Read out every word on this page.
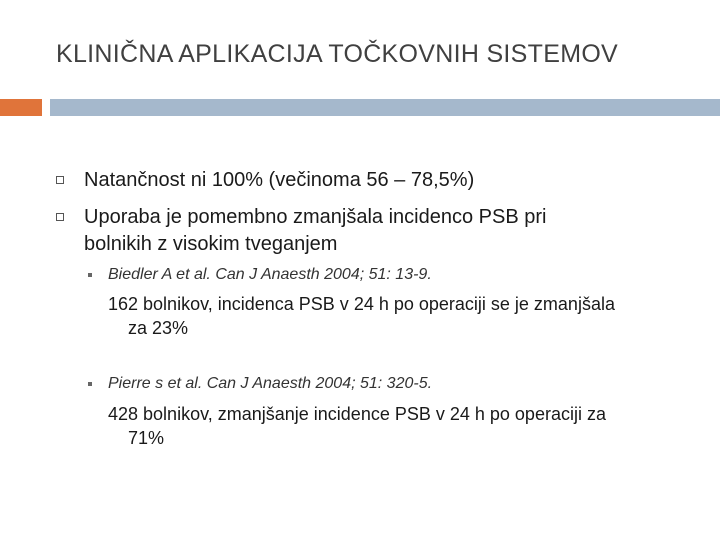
KLINIČNA APLIKACIJA TOČKOVNIH SISTEMOV
Natančnost ni 100% (večinoma 56 – 78,5%)
Uporaba je pomembno zmanjšala incidenco PSB pri
bolnikih z visokim tveganjem
Biedler A et al. Can J Anaesth 2004; 51: 13-9.
162 bolnikov, incidenca PSB v 24 h po operaciji se je zmanjšala
za 23%
Pierre s et al. Can J Anaesth 2004; 51: 320-5.
428 bolnikov, zmanjšanje incidence PSB v 24 h po operaciji za
71%
